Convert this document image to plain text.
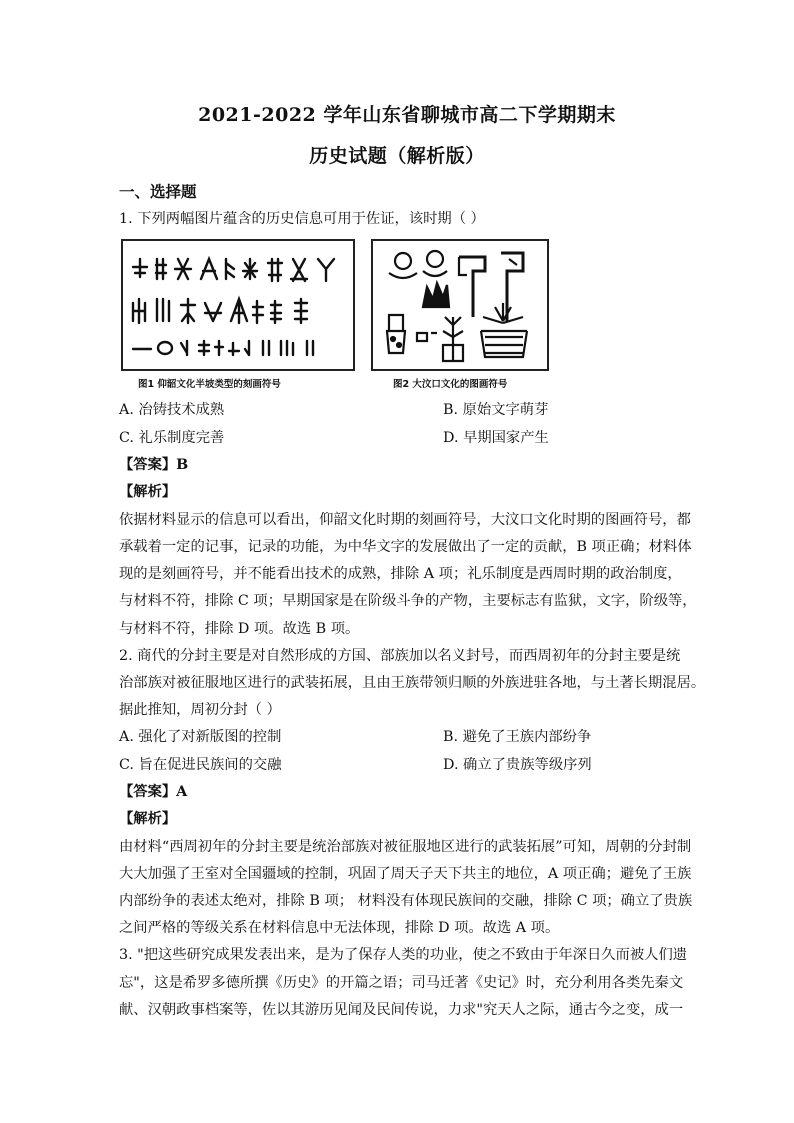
2021-2022 学年山东省聊城市高二下学期期末
历史试题（解析版）
一、选择题
1. 下列两幅图片蕴含的历史信息可用于佐证，该时期（ ）
图1 仰韶文化半坡类型的刻画符号	图2 大汶口文化的图画符号
A. 冶铸技术成熟	B. 原始文字萌芽
C. 礼乐制度完善	D. 早期国家产生
【答案】B
【解析】
依据材料显示的信息可以看出，仰韶文化时期的刻画符号，大汶口文化时期的图画符号，都
承载着一定的记事，记录的功能，为中华文字的发展做出了一定的贡献，B 项正确；材料体
现的是刻画符号，并不能看出技术的成熟，排除 A 项；礼乐制度是西周时期的政治制度，
与材料不符，排除 C 项；早期国家是在阶级斗争的产物，主要标志有监狱，文字，阶级等，
与材料不符，排除 D 项。故选 B 项。
2. 商代的分封主要是对自然形成的方国、部族加以名义封号，而西周初年的分封主要是统
治部族对被征服地区进行的武装拓展，且由王族带领归顺的外族进驻各地，与土著长期混居。
据此推知，周初分封（ ）
A. 强化了对新版图的控制	B. 避免了王族内部纷争
C. 旨在促进民族间的交融	D. 确立了贵族等级序列
【答案】A
【解析】
由材料“西周初年的分封主要是统治部族对被征服地区进行的武装拓展”可知，周朝的分封制
大大加强了王室对全国疆域的控制，巩固了周天子天下共主的地位，A 项正确；避免了王族
内部纷争的表述太绝对，排除 B 项； 材料没有体现民族间的交融，排除 C 项；确立了贵族
之间严格的等级关系在材料信息中无法体现，排除 D 项。故选 A 项。
3. "把这些研究成果发表出来，是为了保存人类的功业，使之不致由于年深日久而被人们遗
忘"，这是希罗多德所撰《历史》的开篇之语；司马迁著《史记》时，充分利用各类先秦文
献、汉朝政事档案等，佐以其游历见闻及民间传说，力求"究天人之际，通古今之变，成一
